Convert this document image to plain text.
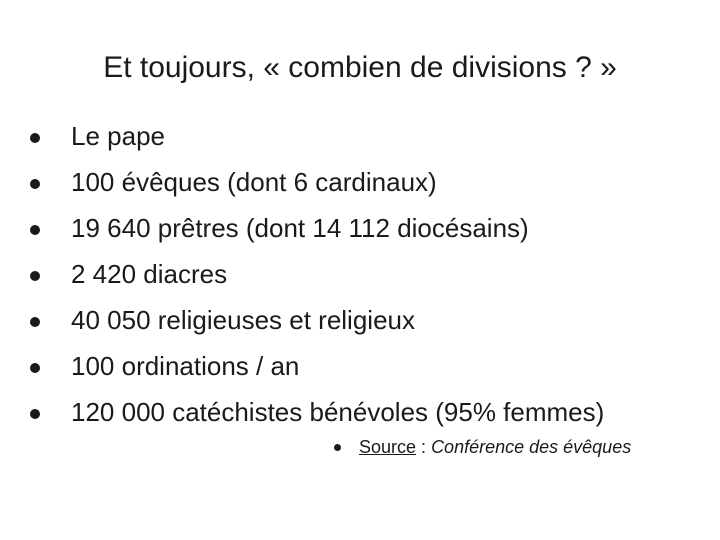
Et toujours, « combien de divisions ? »
Le pape
100 évêques (dont 6 cardinaux)
19 640 prêtres (dont 14 112 diocésains)
2 420 diacres
40 050 religieuses et religieux
100 ordinations / an
120 000 catéchistes bénévoles (95% femmes)
Source : Conférence des évêques
